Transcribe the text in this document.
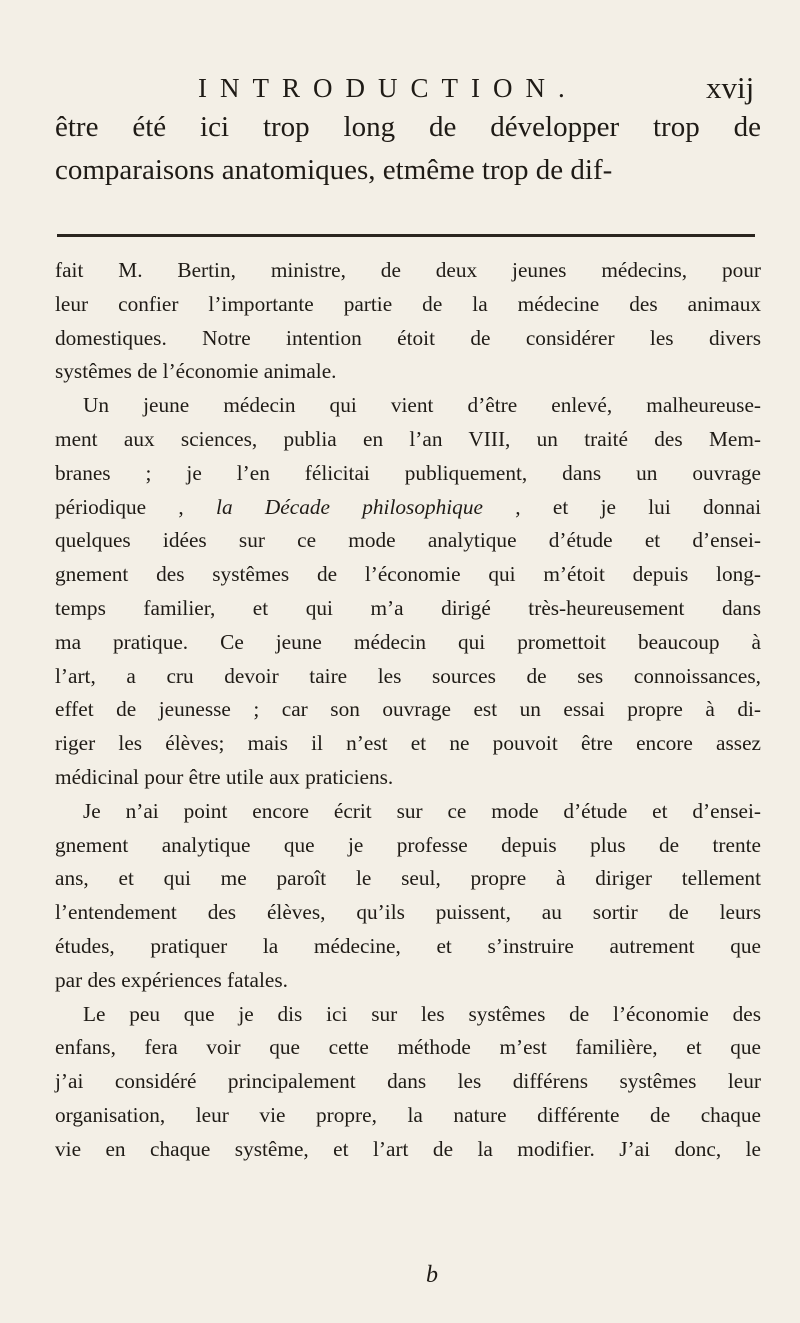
INTRODUCTION.	xvij
être été ici trop long de développer trop de
comparaisons anatomiques, etmême trop de dif-
fait M. Bertin, ministre, de deux jeunes médecins, pour
leur confier l’importante partie de la médecine des animaux
domestiques. Notre intention étoit de considérer les divers
systêmes de l’économie animale.
Un jeune médecin qui vient d’être enlevé, malheureuse-
ment aux sciences, publia en l’an VIII, un traité des Mem-
branes ; je l’en félicitai publiquement, dans un ouvrage
périodique , la Décade philosophique , et je lui donnai
quelques idées sur ce mode analytique d’étude et d’ensei-
gnement des systêmes de l’économie qui m’étoit depuis long-
temps familier, et qui m’a dirigé très-heureusement dans
ma pratique. Ce jeune médecin qui promettoit beaucoup à
l’art, a cru devoir taire les sources de ses connoissances,
effet de jeunesse ; car son ouvrage est un essai propre à di-
riger les élèves; mais il n’est et ne pouvoit être encore assez
médicinal pour être utile aux praticiens.
Je n’ai point encore écrit sur ce mode d’étude et d’ensei-
gnement analytique que je professe depuis plus de trente
ans, et qui me paroît le seul, propre à diriger tellement
l’entendement des élèves, qu’ils puissent, au sortir de leurs
études, pratiquer la médecine, et s’instruire autrement que
par des expériences fatales.
Le peu que je dis ici sur les systêmes de l’économie des
enfans, fera voir que cette méthode m’est familière, et que
j’ai considéré principalement dans les différens systêmes leur
organisation, leur vie propre, la nature différente de chaque
vie en chaque systême, et l’art de la modifier. J’ai donc, le
b
